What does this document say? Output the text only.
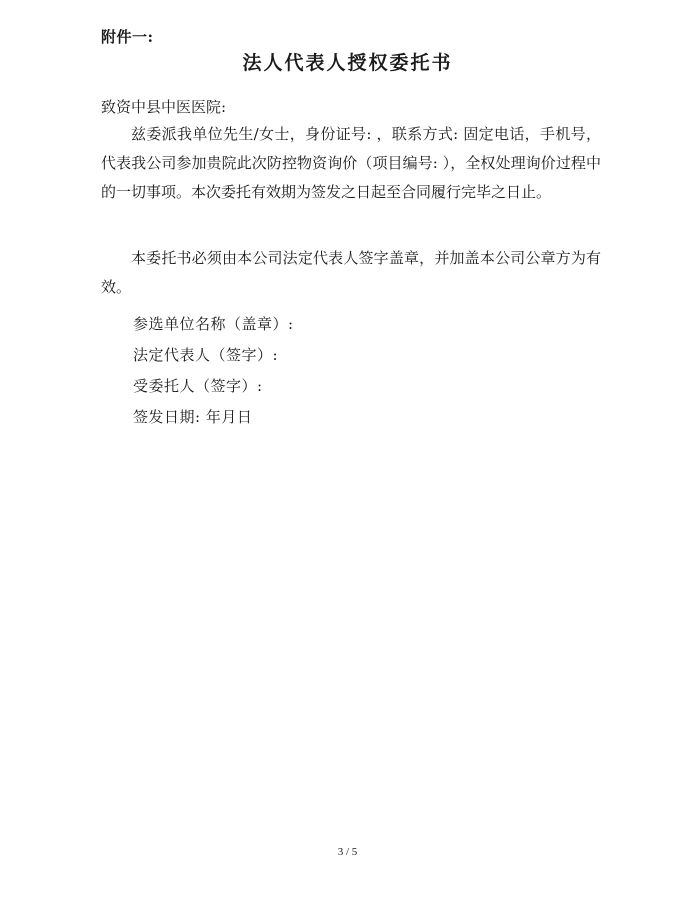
附件一:
法人代表人授权委托书
致资中县中医医院:
兹委派我单位先生/女士，身份证号: ，联系方式: 固定电话，手机号，代表我公司参加贵院此次防控物资询价（项目编号: ），全权处理询价过程中的一切事项。本次委托有效期为签发之日起至合同履行完毕之日止。
本委托书必须由本公司法定代表人签字盖章，并加盖本公司公章方为有效。
参选单位名称（盖章）:
法定代表人（签字）:
受委托人（签字）:
签发日期: 年月日
3 / 5
